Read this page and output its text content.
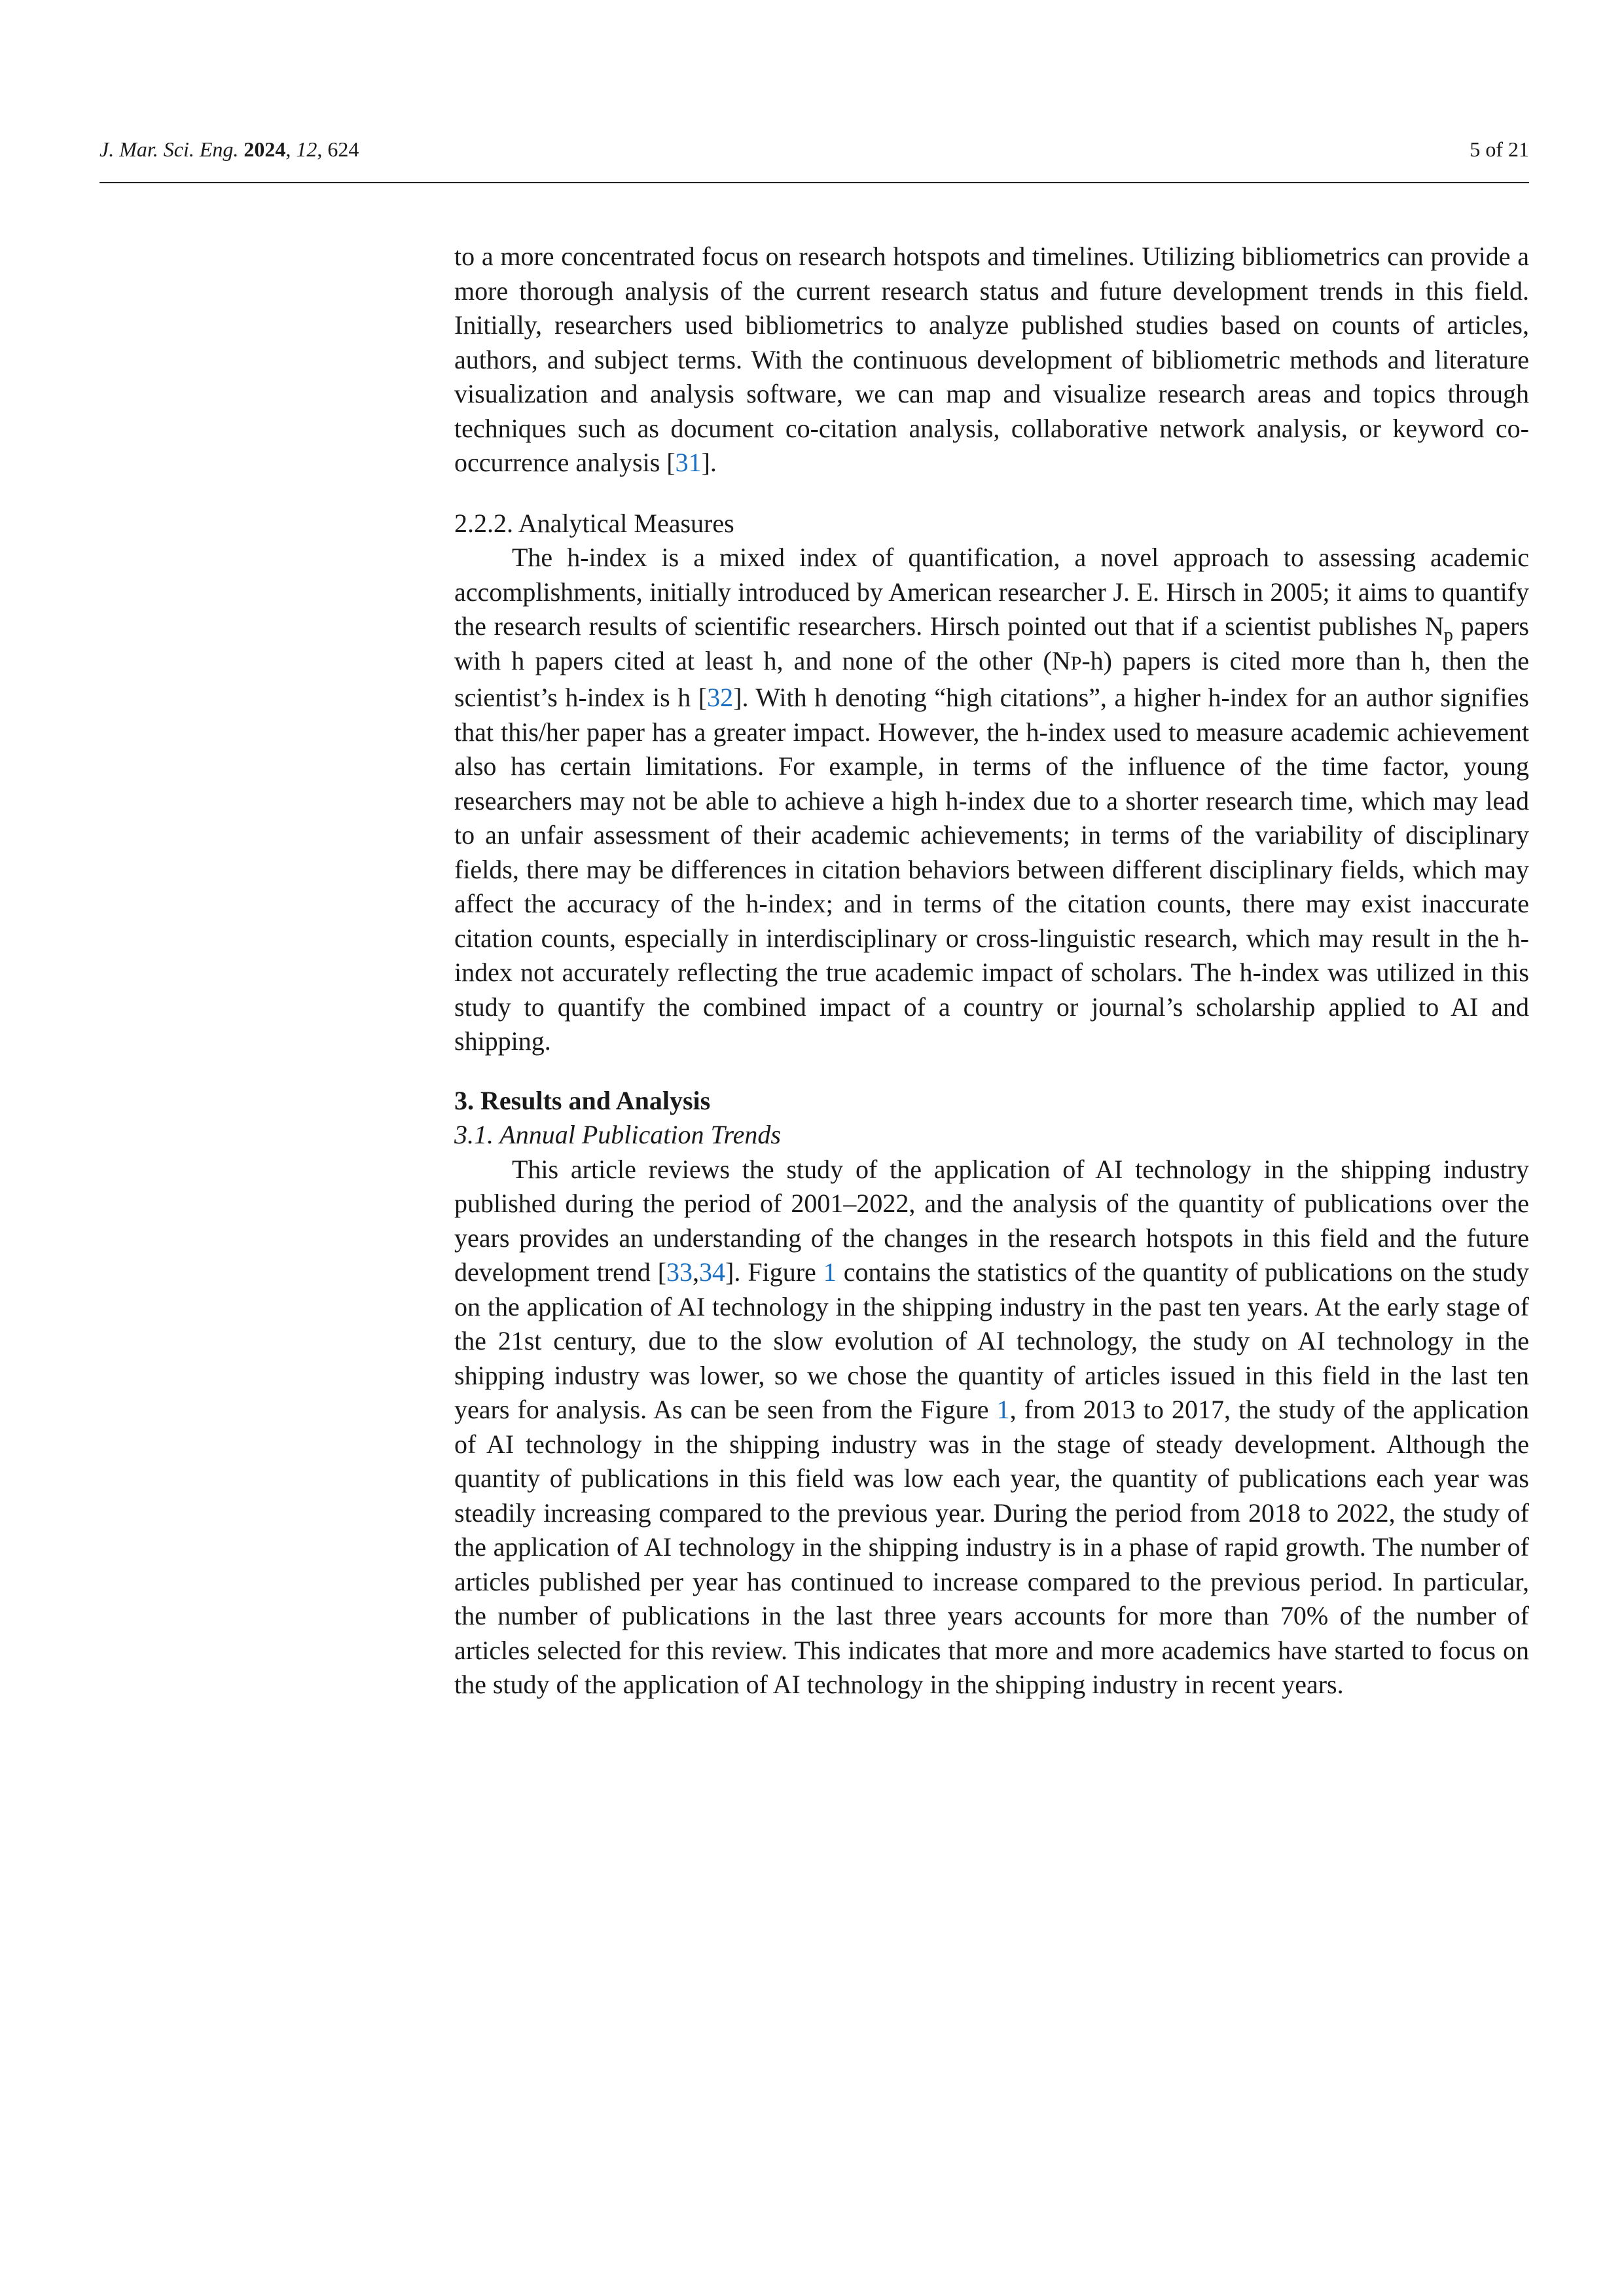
J. Mar. Sci. Eng. 2024, 12, 624	5 of 21

to a more concentrated focus on research hotspots and timelines. Utilizing bibliometrics can provide a more thorough analysis of the current research status and future development trends in this field. Initially, researchers used bibliometrics to analyze published studies based on counts of articles, authors, and subject terms. With the continuous development of bibliometric methods and literature visualization and analysis software, we can map and visualize research areas and topics through techniques such as document co-citation analysis, collaborative network analysis, or keyword co-occurrence analysis [31].

2.2.2. Analytical Measures

The h-index is a mixed index of quantification, a novel approach to assessing academic accomplishments, initially introduced by American researcher J. E. Hirsch in 2005; it aims to quantify the research results of scientific researchers. Hirsch pointed out that if a scientist publishes $N_p$ papers with h papers cited at least h, and none of the other (NP-h) papers is cited more than h, then the scientist’s h-index is h [32]. With h denoting “high citations”, a higher h-index for an author signifies that this/her paper has a greater impact. However, the h-index used to measure academic achievement also has certain limitations. For example, in terms of the influence of the time factor, young researchers may not be able to achieve a high h-index due to a shorter research time, which may lead to an unfair assessment of their academic achievements; in terms of the variability of disciplinary fields, there may be differences in citation behaviors between different disciplinary fields, which may affect the accuracy of the h-index; and in terms of the citation counts, there may exist inaccurate citation counts, especially in interdisciplinary or cross-linguistic research, which may result in the h-index not accurately reflecting the true academic impact of scholars. The h-index was utilized in this study to quantify the combined impact of a country or journal’s scholarship applied to AI and shipping.

3. Results and Analysis

3.1. Annual Publication Trends

This article reviews the study of the application of AI technology in the shipping industry published during the period of 2001–2022, and the analysis of the quantity of publications over the years provides an understanding of the changes in the research hotspots in this field and the future development trend [33,34]. Figure 1 contains the statistics of the quantity of publications on the study on the application of AI technology in the shipping industry in the past ten years. At the early stage of the 21st century, due to the slow evolution of AI technology, the study on AI technology in the shipping industry was lower, so we chose the quantity of articles issued in this field in the last ten years for analysis. As can be seen from the Figure 1, from 2013 to 2017, the study of the application of AI technology in the shipping industry was in the stage of steady development. Although the quantity of publications in this field was low each year, the quantity of publications each year was steadily increasing compared to the previous year. During the period from 2018 to 2022, the study of the application of AI technology in the shipping industry is in a phase of rapid growth. The number of articles published per year has continued to increase compared to the previous period. In particular, the number of publications in the last three years accounts for more than 70% of the number of articles selected for this review. This indicates that more and more academics have started to focus on the study of the application of AI technology in the shipping industry in recent years.
